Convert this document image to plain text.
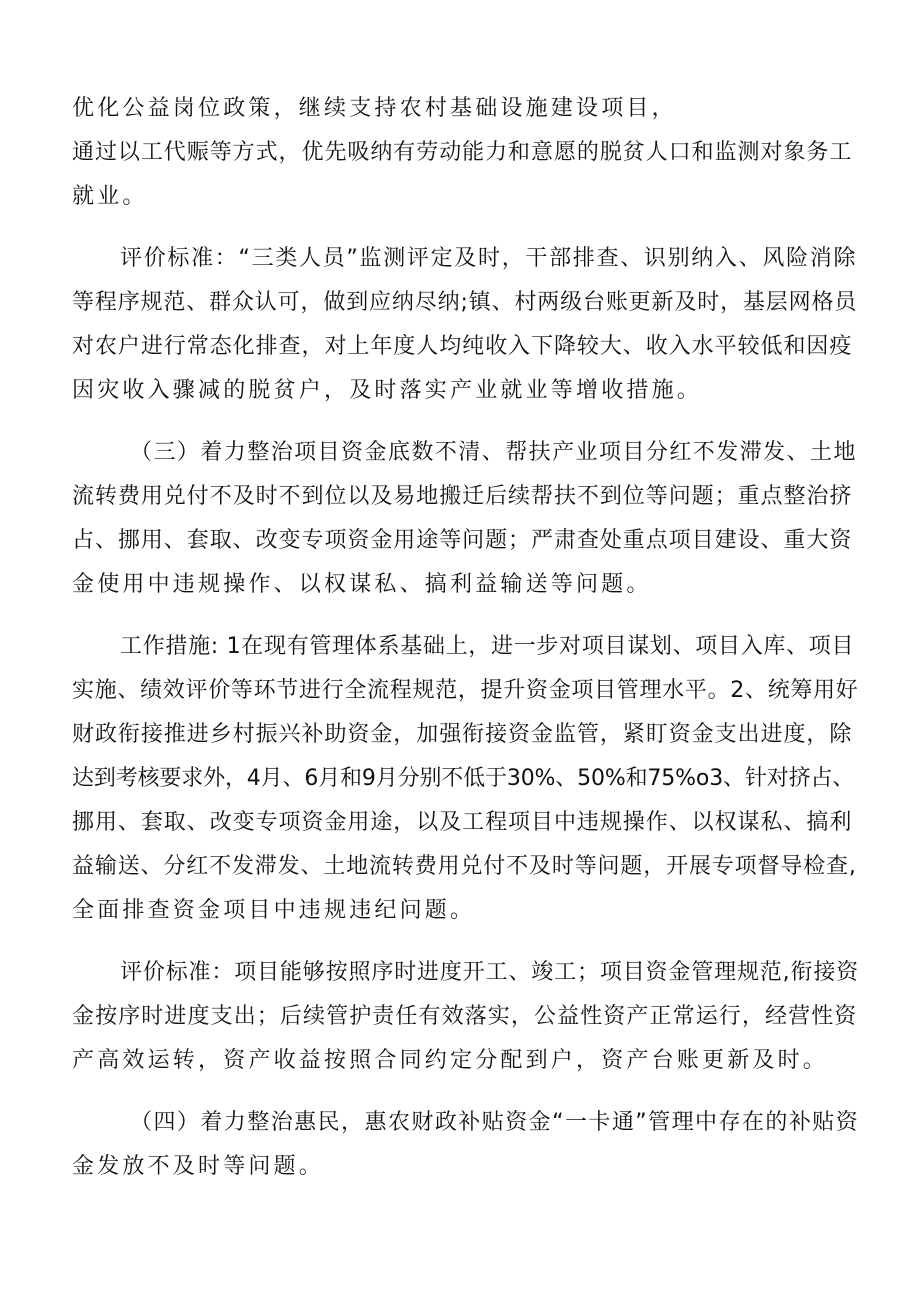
优化公益岗位政策，继续支持农村基础设施建设项目，
通过以工代赈等方式，优先吸纳有劳动能力和意愿的脱贫人口和监测对象务工
就业。
评价标准：“三类人员”监测评定及时，干部排查、识别纳入、风险消除
等程序规范、群众认可，做到应纳尽纳;镇、村两级台账更新及时，基层网格员
对农户进行常态化排查，对上年度人均纯收入下降较大、收入水平较低和因疫
因灾收入骤减的脱贫户，及时落实产业就业等增收措施。
（三）着力整治项目资金底数不清、帮扶产业项目分红不发滞发、土地
流转费用兑付不及时不到位以及易地搬迁后续帮扶不到位等问题；重点整治挤
占、挪用、套取、改变专项资金用途等问题；严肃查处重点项目建设、重大资
金使用中违规操作、以权谋私、搞利益输送等问题。
工作措施: 1在现有管理体系基础上，进一步对项目谋划、项目入库、项目
实施、绩效评价等环节进行全流程规范，提升资金项目管理水平。2、统筹用好
财政衔接推进乡村振兴补助资金，加强衔接资金监管，紧盯资金支出进度，除
达到考核要求外，4月、6月和9月分别不低于30%、50%和75%o3、针对挤占、
挪用、套取、改变专项资金用途，以及工程项目中违规操作、以权谋私、搞利
益输送、分红不发滞发、土地流转费用兑付不及时等问题，开展专项督导检查,
全面排查资金项目中违规违纪问题。
评价标准：项目能够按照序时进度开工、竣工；项目资金管理规范,衔接资
金按序时进度支出；后续管护责任有效落实，公益性资产正常运行，经营性资
产高效运转，资产收益按照合同约定分配到户，资产台账更新及时。
（四）着力整治惠民，惠农财政补贴资金“一卡通”管理中存在的补贴资
金发放不及时等问题。
